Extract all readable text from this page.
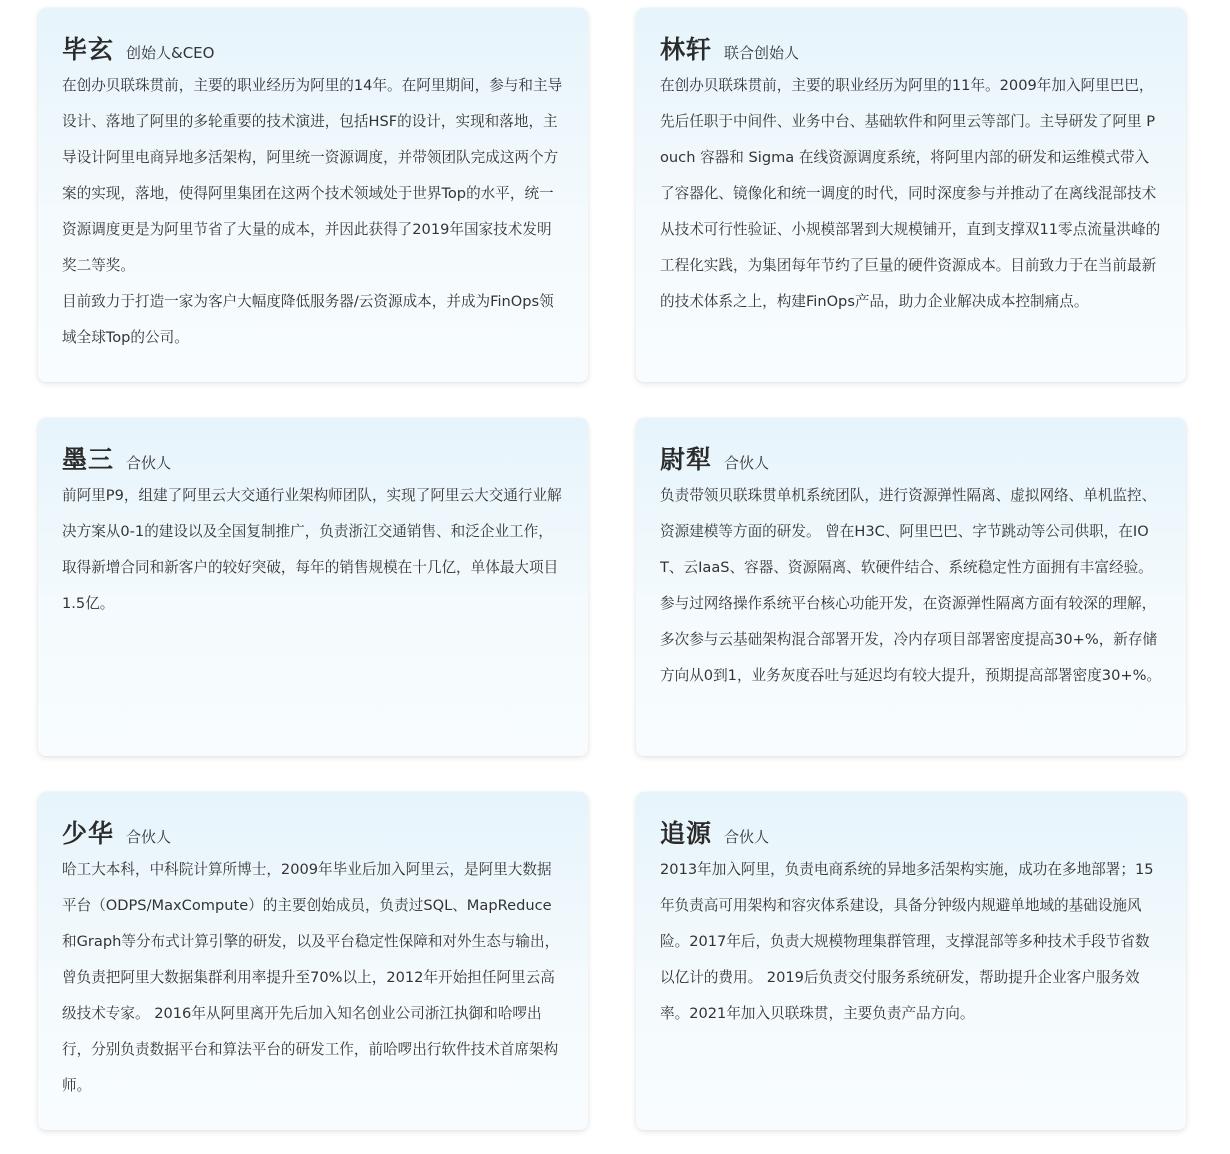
毕玄 创始人&CEO

在创办贝联珠贯前，主要的职业经历为阿里的14年。在阿里期间，参与和主导设计、落地了阿里的多轮重要的技术演进，包括HSF的设计，实现和落地，主导设计阿里电商异地多活架构，阿里统一资源调度，并带领团队完成这两个方案的实现，落地，使得阿里集团在这两个技术领域处于世界Top的水平，统一资源调度更是为阿里节省了大量的成本，并因此获得了2019年国家技术发明奖二等奖。

目前致力于打造一家为客户大幅度降低服务器/云资源成本，并成为FinOps领域全球Top的公司。

林轩 联合创始人

在创办贝联珠贯前，主要的职业经历为阿里的11年。2009年加入阿里巴巴，先后任职于中间件、业务中台、基础软件和阿里云等部门。主导研发了阿里 Pouch 容器和 Sigma 在线资源调度系统，将阿里内部的研发和运维模式带入了容器化、镜像化和统一调度的时代，同时深度参与并推动了在离线混部技术从技术可行性验证、小规模部署到大规模铺开，直到支撑双11零点流量洪峰的工程化实践，为集团每年节约了巨量的硬件资源成本。目前致力于在当前最新的技术体系之上，构建FinOps产品，助力企业解决成本控制痛点。

墨三 合伙人

前阿里P9，组建了阿里云大交通行业架构师团队，实现了阿里云大交通行业解决方案从0-1的建设以及全国复制推广，负责浙江交通销售、和泛企业工作，取得新增合同和新客户的较好突破，每年的销售规模在十几亿，单体最大项目1.5亿。

尉犁 合伙人

负责带领贝联珠贯单机系统团队，进行资源弹性隔离、虚拟网络、单机监控、资源建模等方面的研发。 曾在H3C、阿里巴巴、字节跳动等公司供职，在IOT、云IaaS、容器、资源隔离、软硬件结合、系统稳定性方面拥有丰富经验。参与过网络操作系统平台核心功能开发，在资源弹性隔离方面有较深的理解，多次参与云基础架构混合部署开发，冷内存项目部署密度提高30+%，新存储方向从0到1，业务灰度吞吐与延迟均有较大提升，预期提高部署密度30+%。

少华 合伙人

哈工大本科，中科院计算所博士，2009年毕业后加入阿里云，是阿里大数据平台（ODPS/MaxCompute）的主要创始成员，负责过SQL、MapReduce和Graph等分布式计算引擎的研发，以及平台稳定性保障和对外生态与输出，曾负责把阿里大数据集群利用率提升至70%以上，2012年开始担任阿里云高级技术专家。 2016年从阿里离开先后加入知名创业公司浙江执御和哈啰出行，分别负责数据平台和算法平台的研发工作，前哈啰出行软件技术首席架构师。

追源 合伙人

2013年加入阿里，负责电商系统的异地多活架构实施，成功在多地部署；15年负责高可用架构和容灾体系建设，具备分钟级内规避单地域的基础设施风险。2017年后，负责大规模物理集群管理，支撑混部等多种技术手段节省数以亿计的费用。 2019后负责交付服务系统研发，帮助提升企业客户服务效率。2021年加入贝联珠贯，主要负责产品方向。
